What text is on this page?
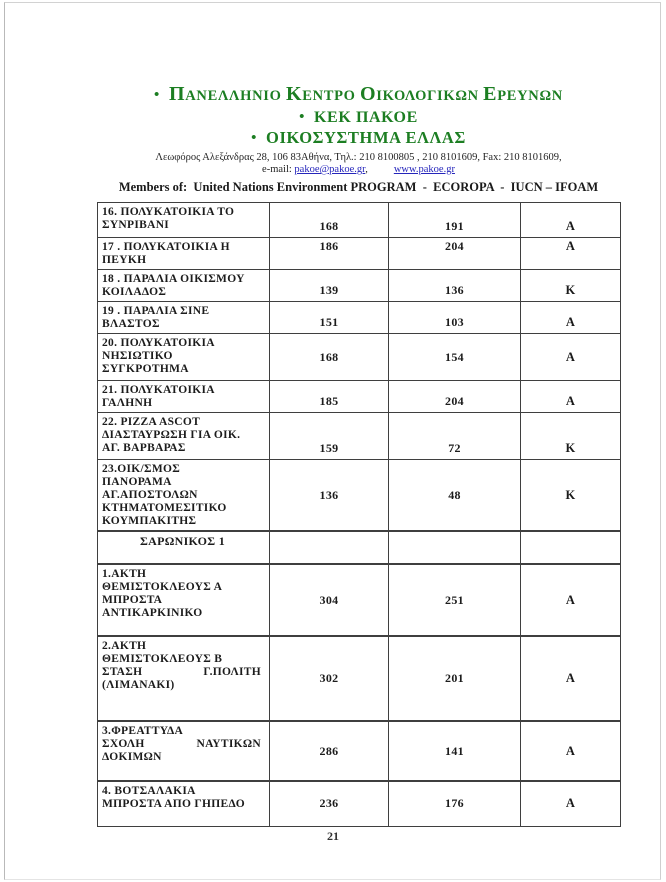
• ΠΑΝΕΛΛΗΝΙΟ ΚΕΝΤΡΟ ΟΙΚΟΛΟΓΙΚΩΝ ΕΡΕΥΝΩΝ
• ΚΕΚ ΠΑΚΟΕ
• ΟΙΚΟΣΥΣΤΗΜΑ ΕΛΛΑΣ
Λεωφόρος Αλεξάνδρας 28, 106 83Αθήνα, Τηλ.: 210 8100805 , 210 8101609, Fax: 210 8101609,
e-mail: pakoe@pakoe.gr, www.pakoe.gr
Members of:  United Nations Environment PROGRAM  -  ECOROPA  -  IUCN – IFOAM
16. ΠΟΛΥΚΑΤΟΙΚΙΑ ΤΟ
ΣΥΝΡΙΒΑΝΙ	168	191	Α

17 . ΠΟΛΥΚΑΤΟΙΚΙΑ Η
ΠΕΥΚΗ	186	204	Α

18 . ΠΑΡΑΛΙΑ ΟΙΚΙΣΜΟΥ
ΚΟΙΛΑΔΟΣ	139	136	Κ

19 . ΠΑΡΑΛΙΑ ΣΙΝΕ
ΒΛΑΣΤΟΣ	151	103	Α

20. ΠΟΛΥΚΑΤΟΙΚΙΑ
ΝΗΣΙΩΤΙΚΟ
ΣΥΓΚΡΟΤΗΜΑ	168	154	Α

21. ΠΟΛΥΚΑΤΟΙΚΙΑ
ΓΑΛΗΝΗ	185	204	Α

22. PIZZA ASCOT
ΔΙΑΣΤΑΥΡΩΣΗ ΓΙΑ ΟΙΚ.
ΑΓ. ΒΑΡΒΑΡΑΣ	159	72	Κ

23.ΟΙΚ/ΣΜΟΣ
ΠΑΝΟΡΑΜΑ
ΑΓ.ΑΠΟΣΤΟΛΩΝ
ΚΤΗΜΑΤΟΜΕΣΙΤΙΚΟ
ΚΟΥΜΠΑΚΙΤΗΣ	136	48	Κ
ΣΑΡΩΝΙΚΟΣ 1			

1.ΑΚΤΗ
ΘΕΜΙΣΤΟΚΛΕΟΥΣ Α
ΜΠΡΟΣΤΑ
ΑΝΤΙΚΑΡΚΙΝΙΚΟ	304	251	Α

2.ΑΚΤΗ
ΘΕΜΙΣΤΟΚΛΕΟΥΣ Β
ΣΤΑΣΗ Γ.ΠΟΛΙΤΗ
(ΛΙΜΑΝΑΚΙ)	302	201	Α

3.ΦΡΕΑΤΤΥΔΑ
ΣΧΟΛΗ ΝΑΥΤΙΚΩΝ
ΔΟΚΙΜΩΝ	286	141	Α

4. ΒΟΤΣΑΛΑΚΙΑ
ΜΠΡΟΣΤΑ ΑΠΟ ΓΗΠΕΔΟ	236	176	Α
21
